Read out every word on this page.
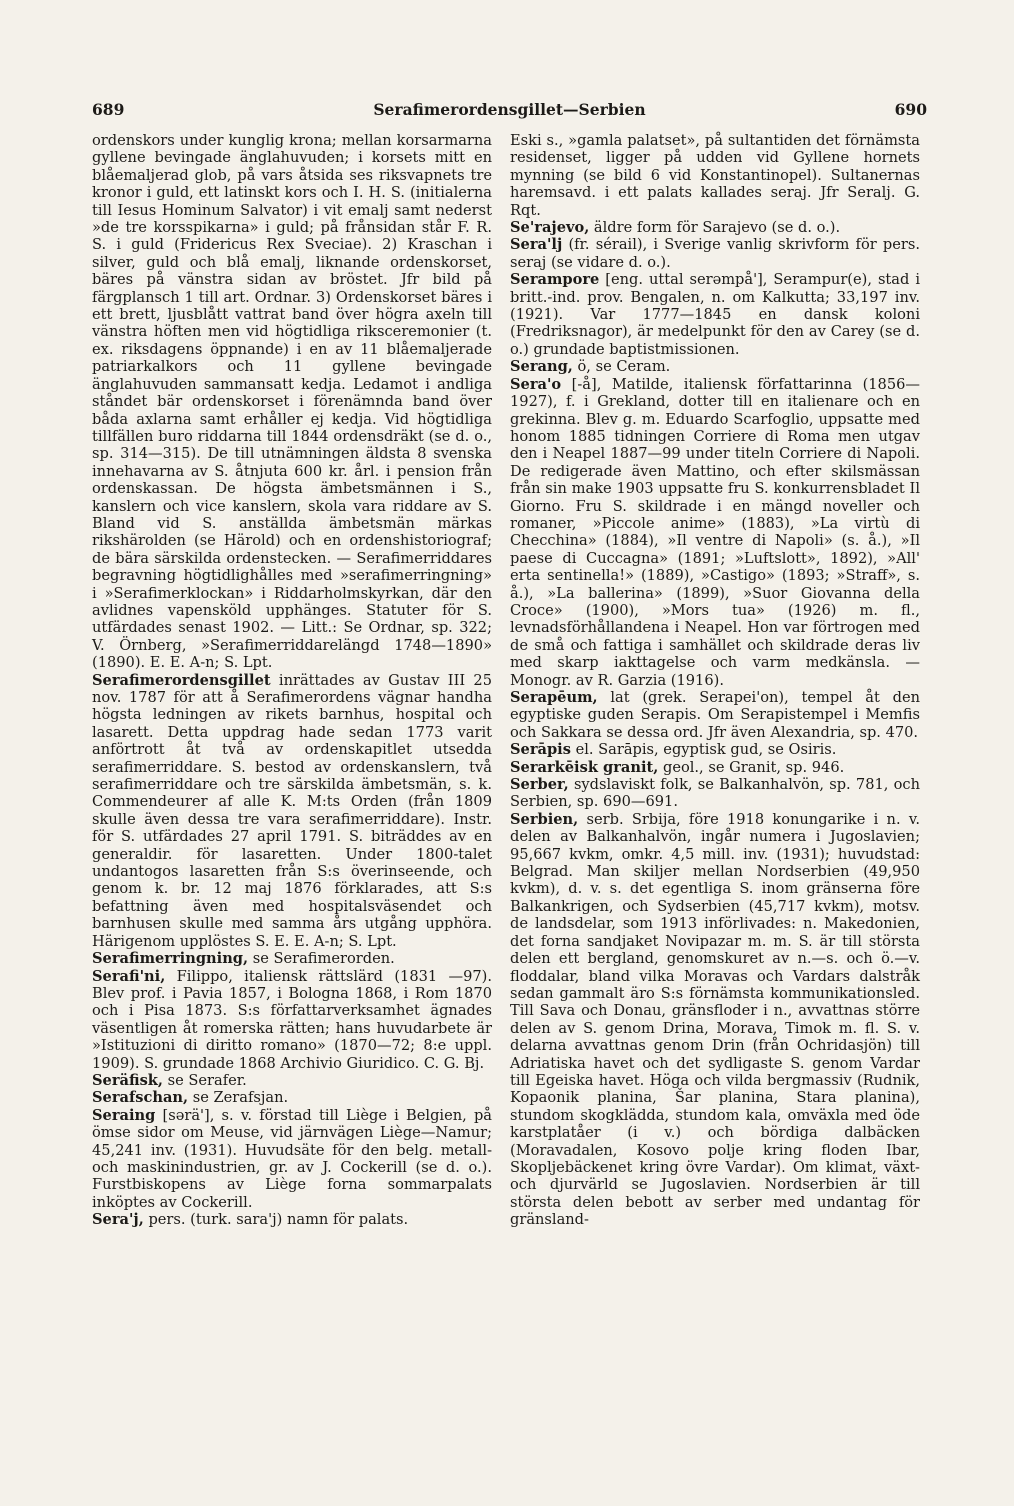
689	Serafimerordensgillet—Serbien	690

ordenskors under kunglig krona; mellan korsarmarna gyllene bevingade änglahuvuden; i korsets mitt en blåemaljerad glob, på vars åtsida ses riksvapnets tre kronor i guld, ett latinskt kors och I. H. S. (initialerna till Iesus Hominum Salvator) i vit emalj samt nederst »de tre korsspikarna» i guld; på frånsidan står F. R. S. i guld (Fridericus Rex Sveciae). 2) Kraschan i silver, guld och blå emalj, liknande ordenskorset, bäres på vänstra sidan av bröstet. Jfr bild på färgplansch 1 till art. Ordnar. 3) Ordenskorset bäres i ett brett, ljusblått vattrat band över högra axeln till vänstra höften men vid högtidliga riksceremonier (t. ex. riksdagens öppnande) i en av 11 blåemaljerade patriarkalkors och 11 gyllene bevingade änglahuvuden sammansatt kedja. Ledamot i andliga ståndet bär ordenskorset i förenämnda band över båda axlarna samt erhåller ej kedja. Vid högtidliga tillfällen buro riddarna till 1844 ordensdräkt (se d. o., sp. 314—315). De till utnämningen äldsta 8 svenska innehavarna av S. åtnjuta 600 kr. årl. i pension från ordenskassan. De högsta ämbetsmännen i S., kanslern och vice kanslern, skola vara riddare av S. Bland vid S. anställda ämbetsmän märkas rikshärolden (se Härold) och en ordenshistoriograf; de bära särskilda ordenstecken. — Serafimerriddares begravning högtidlighålles med »serafimerringning» i »Serafimerklockan» i Riddarholmskyrkan, där den avlidnes vapensköld upphänges. Statuter för S. utfärdades senast 1902. — Litt.: Se Ordnar, sp. 322; V. Örnberg, »Serafimerriddarelängd 1748—1890» (1890). E. E. A-n; S. Lpt.

Serafimerordensgillet inrättades av Gustav III 25 nov. 1787 för att å Serafimerordens vägnar handha högsta ledningen av rikets barnhus, hospital och lasarett. Detta uppdrag hade sedan 1773 varit anförtrott åt två av ordenskapitlet utsedda serafimerriddare. S. bestod av ordenskanslern, två serafimerriddare och tre särskilda ämbetsmän, s. k. Commendeurer af alle K. M:ts Orden (från 1809 skulle även dessa tre vara serafimerriddare). Instr. för S. utfärdades 27 april 1791. S. biträddes av en generaldir. för lasaretten. Under 1800-talet undantogos lasaretten från S:s överinseende, och genom k. br. 12 maj 1876 förklarades, att S:s befattning även med hospitalsväsendet och barnhusen skulle med samma års utgång upphöra. Härigenom upplöstes S. E. E. A-n; S. Lpt.

Serafimerringning, se Serafimerorden.

Serafi'ni, Filippo, italiensk rättslärd (1831 —97). Blev prof. i Pavia 1857, i Bologna 1868, i Rom 1870 och i Pisa 1873. S:s författarverksamhet ägnades väsentligen åt romerska rätten; hans huvudarbete är »Istituzioni di diritto romano» (1870—72; 8:e uppl. 1909). S. grundade 1868 Archivio Giuridico. C. G. Bj.

Seräfisk, se Serafer.

Serafschan, se Zerafsjan.

Seraing [sərä'], s. v. förstad till Liège i Belgien, på ömse sidor om Meuse, vid järnvägen Liège—Namur; 45,241 inv. (1931). Huvudsäte för den belg. metall- och maskinindustrien, gr. av J. Cockerill (se d. o.). Furstbiskopens av Liège forna sommarpalats inköptes av Cockerill.

Sera'j, pers. (turk. sara'j) namn för palats.

Eski s., »gamla palatset», på sultantiden det förnämsta residenset, ligger på udden vid Gyllene hornets mynning (se bild 6 vid Konstantinopel). Sultanernas haremsavd. i ett palats kallades seraj. Jfr Seralj. G. Rqt.

Se'rajevo, äldre form för Sarajevo (se d. o.).

Sera'lj (fr. sérail), i Sverige vanlig skrivform för pers. seraj (se vidare d. o.).

Serampore [eng. uttal serəmpå'], Serampur(e), stad i britt.-ind. prov. Bengalen, n. om Kalkutta; 33,197 inv. (1921). Var 1777—1845 en dansk koloni (Fredriksnagor), är medelpunkt för den av Carey (se d. o.) grundade baptistmissionen.

Serang, ö, se Ceram.

Sera'o [-å], Matilde, italiensk författarinna (1856—1927), f. i Grekland, dotter till en italienare och en grekinna. Blev g. m. Eduardo Scarfoglio, uppsatte med honom 1885 tidningen Corriere di Roma men utgav den i Neapel 1887—99 under titeln Corriere di Napoli. De redigerade även Mattino, och efter skilsmässan från sin make 1903 uppsatte fru S. konkurrensbladet Il Giorno. Fru S. skildrade i en mängd noveller och romaner, »Piccole anime» (1883), »La virtù di Checchina» (1884), »Il ventre di Napoli» (s. å.), »Il paese di Cuccagna» (1891; »Luftslott», 1892), »All' erta sentinella!» (1889), »Castigo» (1893; »Straff», s. å.), »La ballerina» (1899), »Suor Giovanna della Croce» (1900), »Mors tua» (1926) m. fl., levnadsförhållandena i Neapel. Hon var förtrogen med de små och fattiga i samhället och skildrade deras liv med skarp iakttagelse och varm medkänsla. — Monogr. av R. Garzia (1916).

Serapēum, lat (grek. Serapei'on), tempel åt den egyptiske guden Serapis. Om Serapistempel i Memfis och Sakkara se dessa ord. Jfr även Alexandria, sp. 470.

Serāpis el. Sarāpis, egyptisk gud, se Osiris.

Serarkēisk granit, geol., se Granit, sp. 946.

Serber, sydslaviskt folk, se Balkanhalvön, sp. 781, och Serbien, sp. 690—691.

Serbien, serb. Srbija, före 1918 konungarike i n. v. delen av Balkanhalvön, ingår numera i Jugoslavien; 95,667 kvkm, omkr. 4,5 mill. inv. (1931); huvudstad: Belgrad. Man skiljer mellan Nordserbien (49,950 kvkm), d. v. s. det egentliga S. inom gränserna före Balkankrigen, och Sydserbien (45,717 kvkm), motsv. de landsdelar, som 1913 införlivades: n. Makedonien, det forna sandjaket Novipazar m. m. S. är till största delen ett bergland, genomskuret av n.—s. och ö.—v. floddalar, bland vilka Moravas och Vardars dalstråk sedan gammalt äro S:s förnämsta kommunikationsled. Till Sava och Donau, gränsfloder i n., avvattnas större delen av S. genom Drina, Morava, Timok m. fl. S. v. delarna avvattnas genom Drin (från Ochridasjön) till Adriatiska havet och det sydligaste S. genom Vardar till Egeiska havet. Höga och vilda bergmassiv (Rudnik, Kopaonik planina, Šar planina, Stara planina), stundom skogklädda, stundom kala, omväxla med öde karstplatåer (i v.) och bördiga dalbäcken (Moravadalen, Kosovo polje kring floden Ibar, Skopljebäckenet kring övre Vardar). Om klimat, växt- och djurvärld se Jugoslavien. Nordserbien är till största delen bebott av serber med undantag för gränsland-
